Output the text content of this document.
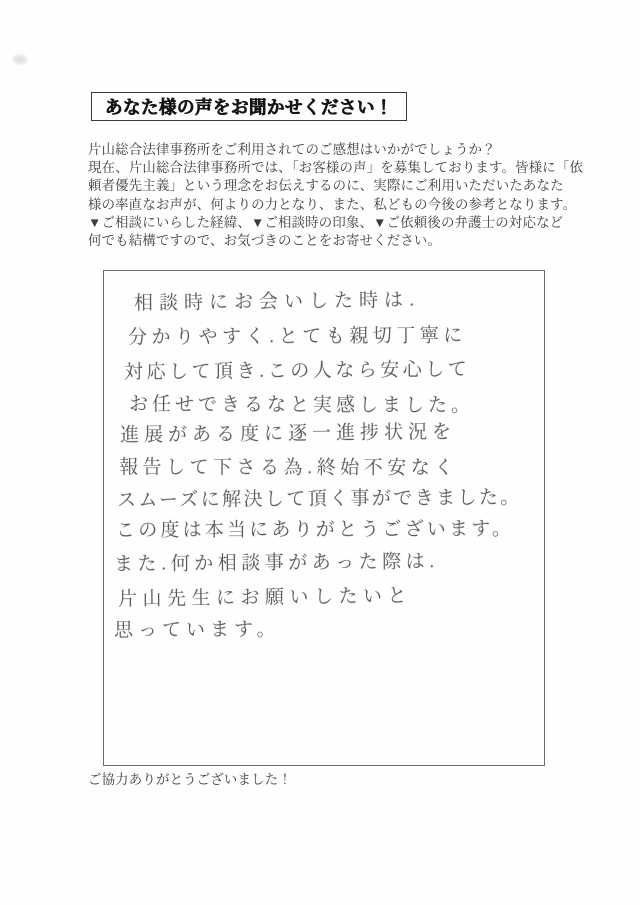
あなた様の声をお聞かせください！
片山総合法律事務所をご利用されてのご感想はいかがでしょうか？
現在、片山総合法律事務所では、「お客様の声」を募集しております。皆様に「依
頼者優先主義」という理念をお伝えするのに、実際にご利用いただいたあなた
様の率直なお声が、何よりの力となり、また、私どもの今後の参考となります。
▼ご相談にいらした経緯、▼ご相談時の印象、▼ご依頼後の弁護士の対応など
何でも結構ですので、お気づきのことをお寄せください。
相談時にお会いした時は.
分かりやすく.とても親切丁寧に
対応して頂き.この人なら安心して
お任せできるなと実感しました。
進展がある度に逐一進捗状況を
報告して下さる為.終始不安なく
スムーズに解決して頂く事ができました。
この度は本当にありがとうございます。
また.何か相談事があった際は.
片山先生にお願いしたいと
思っています。
ご協力ありがとうございました！
